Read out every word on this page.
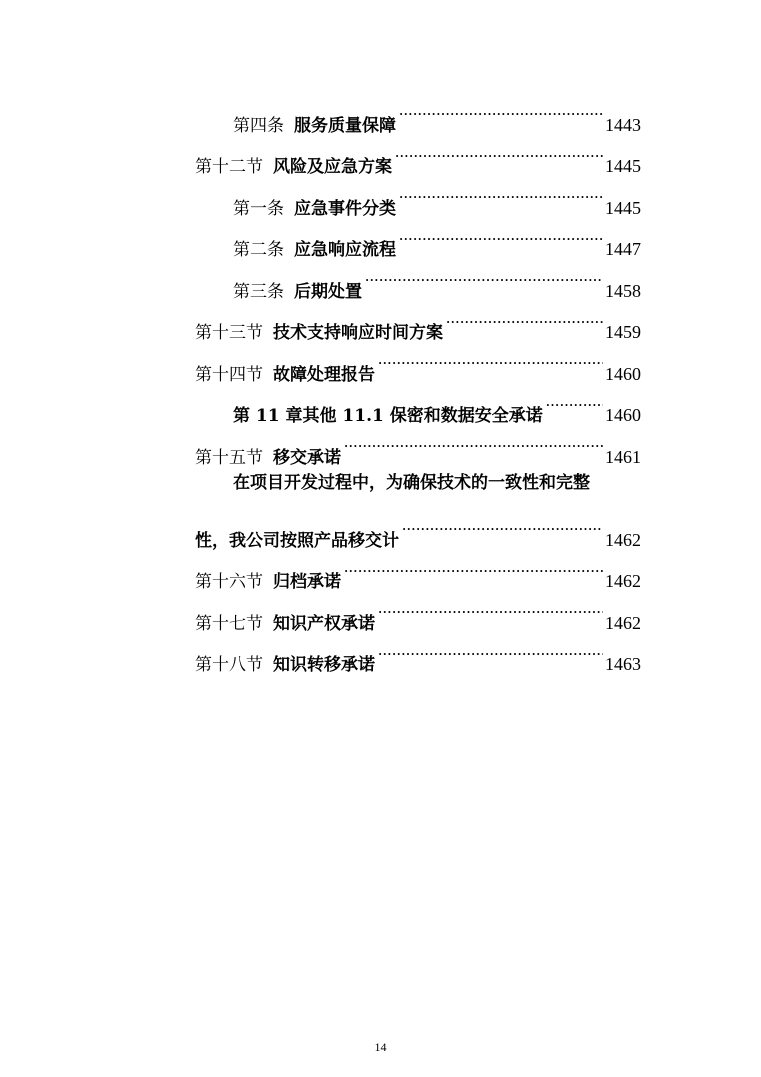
第四条 服务质量保障 .....	1443
第十二节 风险及应急方案 .....	1445
第一条 应急事件分类 .....	1445
第二条 应急响应流程 .....	1447
第三条 后期处置 .....	1458
第十三节 技术支持响应时间方案 .....	1459
第十四节 故障处理报告 .....	1460
第 11 章其他 11.1 保密和数据安全承诺 .....	1460
第十五节 移交承诺 .....	1461
在项目开发过程中，为确保技术的一致性和完整
性，我公司按照产品移交计 .....	1462
第十六节 归档承诺 .....	1462
第十七节 知识产权承诺 .....	1462
第十八节 知识转移承诺 .....	1463
14
